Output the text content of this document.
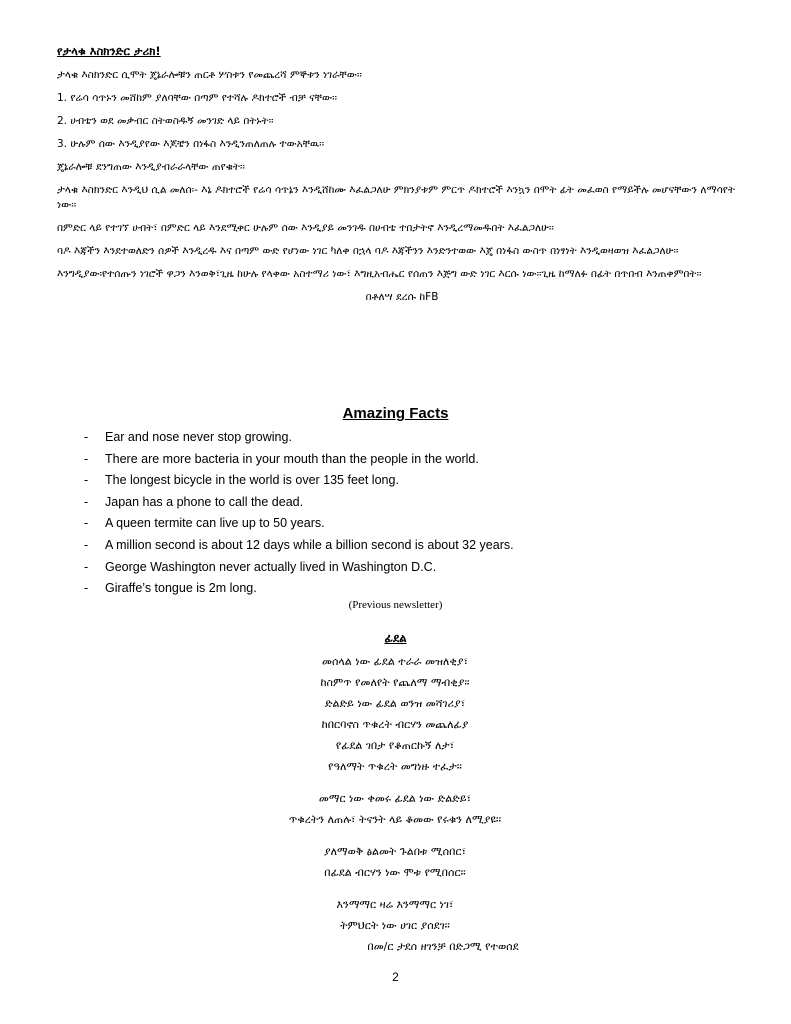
የታላቁ እስክንድር ታሪክ!

ታላቁ እስክንድር ሲሞት ጄኔራሎቹን ጠርቶ ሦስቱን የመጨረሻ ምኞቱን ነገራቸው፡፡

1. የሬሳ ሳጥኑን መሸከም ያለባቸው በጣም የተሻሉ ዶክተሮች ብቻ ናቸው፡፡

2. ሀብቴን ወደ መቃብር ስትወስዱኝ መንገድ ላይ በትኑት፡፡

3. ሁሉም ሰው እንዲያየው እጆቼን በነፋስ እንዲንጠለጠሉ ተውአቸዉ፡፡

ጄኔራሎቹ ደንግጠው እንዲያብራራላቸው ጠየቁት፡፡

ታላቁ እስክንድር እንዲህ ሲል መለሰ፡- እኔ ዶክተሮች የሬሳ ሳጥኔን እንዲሸከሙ እፈልጋለሁ ምክንያቱም ምርጥ ዶክተሮች እንኳን በሞት ፊት መፈወስ የማይችሉ መሆናቸውን ለማሳየት ነው፡፡

በምድር ላይ የተገኘ ሀብት፣ በምድር ላይ እንደሚቀር ሁሉም ሰው እንዲያይ መንገዱ በሀብቴ ተበታትኖ እንዲረማመዱበት እፈልጋለሁ፡፡

ባዶ እጃችን እንደተወለድን ሰዎች እንዲረዱ እና በጣም ውድ የሆነው ነገር ካለቀ በኋላ ባዶ እጃችንን እንድንተወው እጄ በነፋስ ውስጥ በነፃነት እንዲወዛወዝ እፈልጋለሁ፡፡

እንግዲያው፡የተሰጡን ነገሮች ዋጋን እንወቅ፣ጊዜ ከሁሉ የላቀው አስተማሪ ነው፣ እግዚአብሔር የሰጠን እጅግ ውድ ነገር እርሱ ነው፡፡ጊዜ ከማለፉ በፊት በጥበብ እንጠቀምበት፡፡

በቶለሣ ደረሱ ከFB

Amazing Facts
- Ear and nose never stop growing.
- There are more bacteria in your mouth than the people in the world.
- The longest bicycle in the world is over 135 feet long.
- Japan has a phone to call the dead.
- A queen termite can live up to 50 years.
- A million second is about 12 days while a billion second is about 32 years.
- George Washington never actually lived in Washington D.C.
- Giraffe’s tongue is 2m long.
(Previous newsletter)
ፊደል
መሰላል ነው ፊደል ተራራ መዝለቂያ፣
ከስምጥ የመለየት የጨለማ ማብቂያ፡፡
ድልድይ ነው ፊደል ወንዝ መሻገሪያ፣
ከበርባኖስ ጥቁረት ብርሃን መጨለፊያ
የፊደል ገበታ የቆጠርኩኝ ለታ፣
የዓለማት ጥቁረት መግነዙ ተፈታ፡፡
መማር ነው ቀመሩ ፊደል ነው ድልድይ፣
ጥቁረትን ለጠሉ፣ ትናንት ላይ ቆመው የሩቁን ለሚያዩ፡፡
ያለማወቅ ፅልመት ጉልበቱ ሚሰበር፣
በፊደል ብርሃን ነው ሞቱ የሚበሰር፡፡
እንማማር ዛሬ እንማማር ነገ፣
ትምህርት ነው ሀገር ያሰደገ፡፡
በመ/ር ታደሰ ዘገንቻ በድጋሚ የተወሰደ
2
